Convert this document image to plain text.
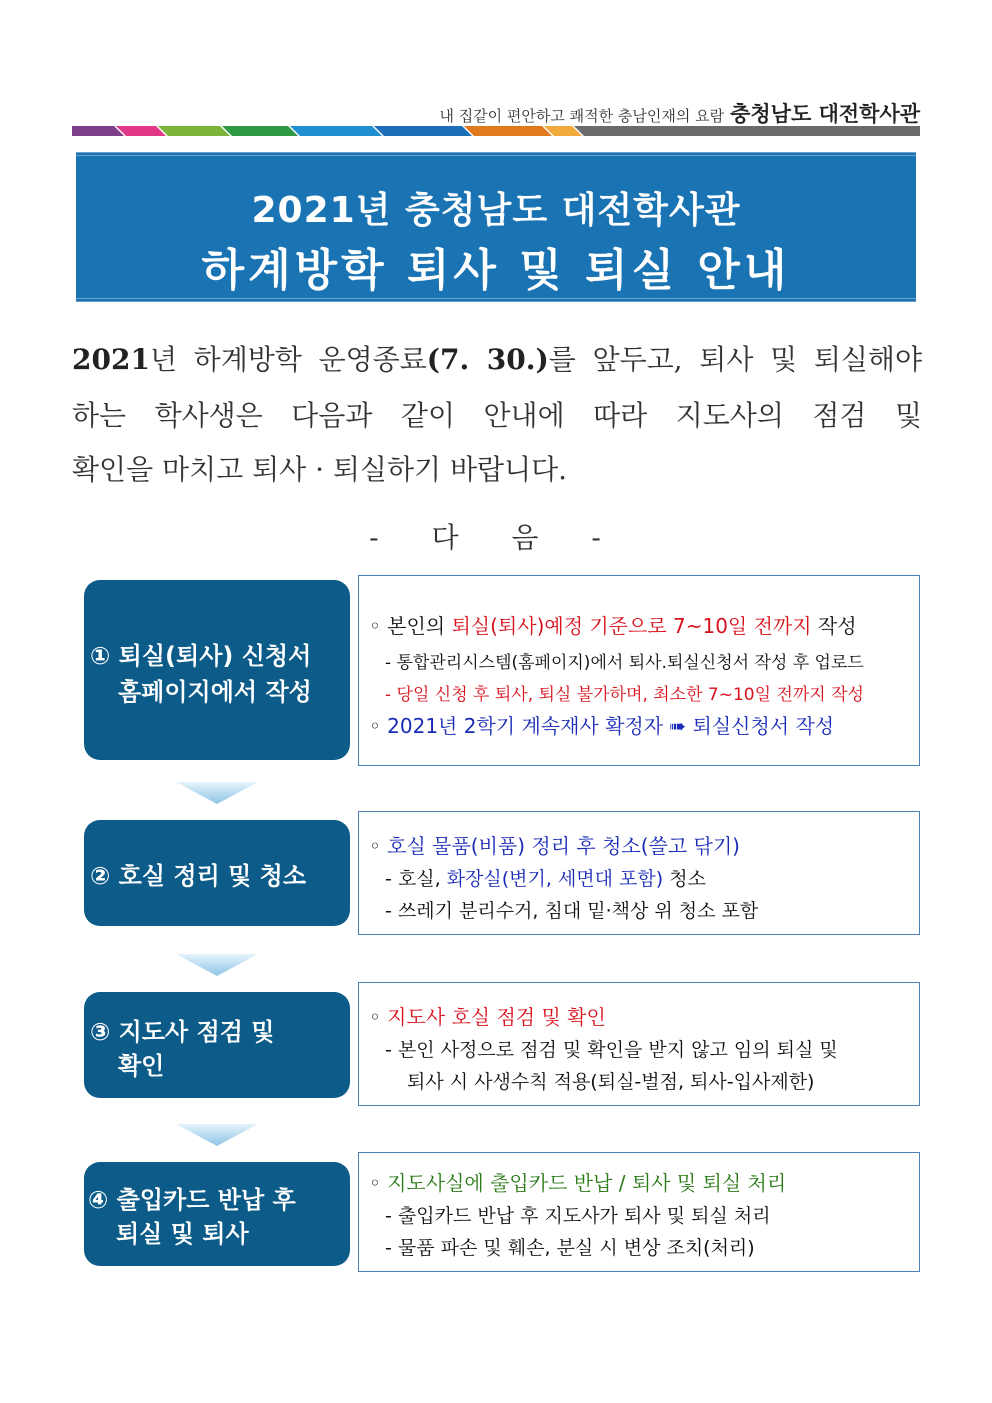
내 집같이 편안하고 쾌적한 충남인재의 요람 충청남도 대전학사관
2021년 충청남도 대전학사관
하계방학 퇴사 및 퇴실 안내
2021년 하계방학 운영종료(7. 30.)를 앞두고, 퇴사 및 퇴실해야
하는 학사생은 다음과 같이 안내에 따라 지도사의 점검 및
확인을 마치고 퇴사 · 퇴실하기 바랍니다.
- 다 음 -
① 퇴실(퇴사) 신청서
홈페이지에서 작성
◦ 본인의 퇴실(퇴사)예정 기준으로 7~10일 전까지 작성
- 통합관리시스템(홈페이지)에서 퇴사.퇴실신청서 작성 후 업로드
- 당일 신청 후 퇴사, 퇴실 불가하며, 최소한 7~10일 전까지 작성
◦ 2021년 2학기 계속재사 확정자 ➠ 퇴실신청서 작성
② 호실 정리 및 청소
◦ 호실 물품(비품) 정리 후 청소(쓸고 닦기)
- 호실, 화장실(변기, 세면대 포함) 청소
- 쓰레기 분리수거, 침대 밑·책상 위 청소 포함
③ 지도사 점검 및
확인
◦ 지도사 호실 점검 및 확인
- 본인 사정으로 점검 및 확인을 받지 않고 임의 퇴실 및
퇴사 시 사생수칙 적용(퇴실-벌점, 퇴사-입사제한)
④ 출입카드 반납 후
퇴실 및 퇴사
◦ 지도사실에 출입카드 반납 / 퇴사 및 퇴실 처리
- 출입카드 반납 후 지도사가 퇴사 및 퇴실 처리
- 물품 파손 및 훼손, 분실 시 변상 조치(처리)
